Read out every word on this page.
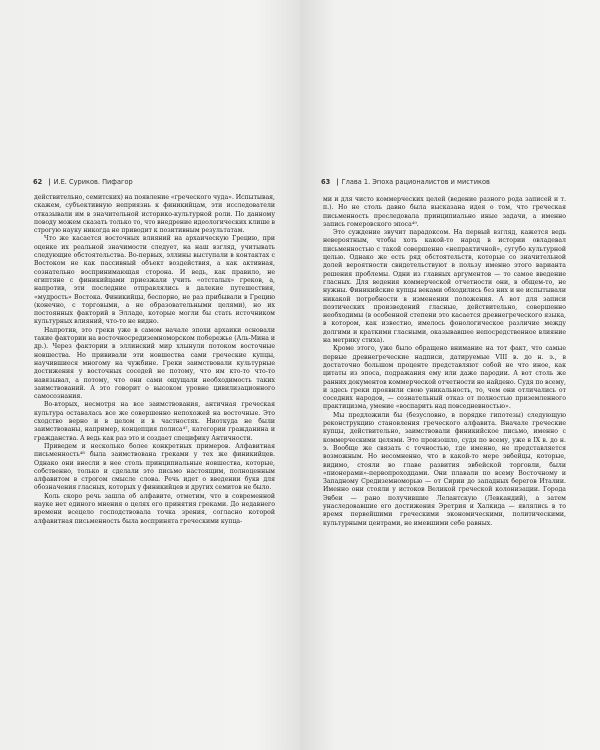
62 | И.Е. Суриков. Пифагор

действительно, семитских) на появление «греческого чуда». Испытывая, скажем, субъективную неприязнь к финикийцам, эти исследователи отказывали им в значительной историко-культурной роли. По данному поводу можем сказать только то, что внедрение идеологических клише в строгую науку никогда не приводит к позитивным результатам.

Что же касается восточных влияний на архаическую Грецию, при оценке их реальной значимости следует, на наш взгляд, учитывать следующие обстоятельства. Во-первых, эллины выступали в контактах с Востоком не как пассивный объект воздействия, а как активная, сознательно воспринимающая сторона. И ведь, как правило, не египтяне с финикийцами приезжали учить «отсталых» греков, а, напротив, эти последние отправлялись в далекие путешествия, «мудрость» Востока. Финикийцы, беспорно, не раз прибывали в Грецию (конечно, с торговыми, а не образовательными целями), но их постоянных факторий в Элладе, которые могли бы стать источником культурных влияний, что-то не видно.

Напротив, это греки уже в самом начале эпохи архаики основали такие фактории на восточносредиземноморском побережье (Аль-Мина и др.). Через фактории в эллинский мир хлынули потоком восточные новшества. Но прививали эти новшества сами греческие купцы, научившиеся многому на чужбине. Греки заимствовали культурные достижения у восточных соседей не потому, что им кто-то что-то навязывал, а потому, что они сами ощущали необходимость таких заимствований. А это говорит о высоком уровне цивилизационного самосознания.

Во-вторых, несмотря на все заимствования, античная греческая культура оставалась все же совершенно непохожей на восточные. Это сходство верно и в целом и в частностях. Ниоткуда не были заимствованы, например, концепция полиса⁴⁷, категории гражданина и гражданства. А ведь как раз это и создает специфику Античности.

Приведем и несколько более конкретных примеров. Алфавитная письменность⁴⁸ была заимствована греками у тех же финикийцев. Однако они внесли в нее столь принципиальные новшества, которые, собственно, только и сделали это письмо настоящим, полноценным алфавитом в строгом смысле слова. Речь идет о введении букв для обозначения гласных, которых у финикийцев и других семитов не было.

Коль скоро речь зашла об алфавите, отметим, что в современной науке нет единого мнения о целях его принятия греками. До недавнего времени всецело господствовала точка зрения, согласно которой алфавитная письменность была воспринята греческими купца-

63 | Глава 1. Эпоха рационалистов и мистиков

ми и для чисто коммерческих целей (ведение разного рода записей и т. п.). Но не столь давно была высказана идея о том, что греческая письменность преследовала принципиально иные задачи, а именно запись гомеровского эпоса⁴⁹.

Это суждение звучит парадоксом. На первый взгляд, кажется ведь невероятным, чтобы хоть какой-то народ в истории овладевал письменностью с такой совершенно «непрактичной», сугубо культурной целью. Однако же есть ряд обстоятельств, которые со значительной долей вероятности свидетельствуют в пользу именно этого варианта решения проблемы. Одни из главных аргументов — то самое введение гласных. Для ведения коммерческой отчетности они, в общем-то, не нужны. Финикийские купцы веками обходились без них и не испытывали никакой потребности в изменении положения. А вот для записи поэтических произведений гласные, действительно, совершенно необходимы (в особенной степени это касается древнегреческого языка, в котором, как известно, имелось фонологическое различие между долгими и краткими гласными, оказывавшее непосредственное влияние на метрику стиха).

Кроме этого, уже было обращено внимание на тот факт, что самые первые древнегреческие надписи, датируемые VIII в. до н. э., в достаточно большом проценте представляют собой не что иное, как цитаты из эпоса, подражания ему или даже пародии. А вот столь же ранних документов коммерческой отчетности не найдено. Судя по всему, и здесь греки проявили свою уникальность, то, чем они отличались от соседних народов, — сознательный отказ от полностью приземленного практицизма, умение «воспарить над повседневностью».

Мы предложили бы (безусловно, в порядке гипотезы) следующую реконструкцию становления греческого алфавита. Вначале греческие купцы, действительно, заимствовали финикийское письмо, именно с коммерческими целями. Это произошло, судя по всему, уже в IX в. до н. э. Вообще же связать с точностью, где именно, не представляется возможным. Но несомненно, что в какой-то мере эвбейцы, которые, видимо, стояли во главе развития эвбейской торговли, были «пионерами»-первопроходцами. Они плавали по всему Восточному и Западному Средиземноморью — от Сирии до западных берегов Италии. Именно они стояли у истоков Великой греческой колонизации. Города Эвбеи — рано получившие Лелантскую (Левкандий), а затем унаследовавшие его достижения Эретрия и Халкида — являлись в то время первейшими греческими экономическими, политическими, культурными центрами, не имевшими себе равных.
